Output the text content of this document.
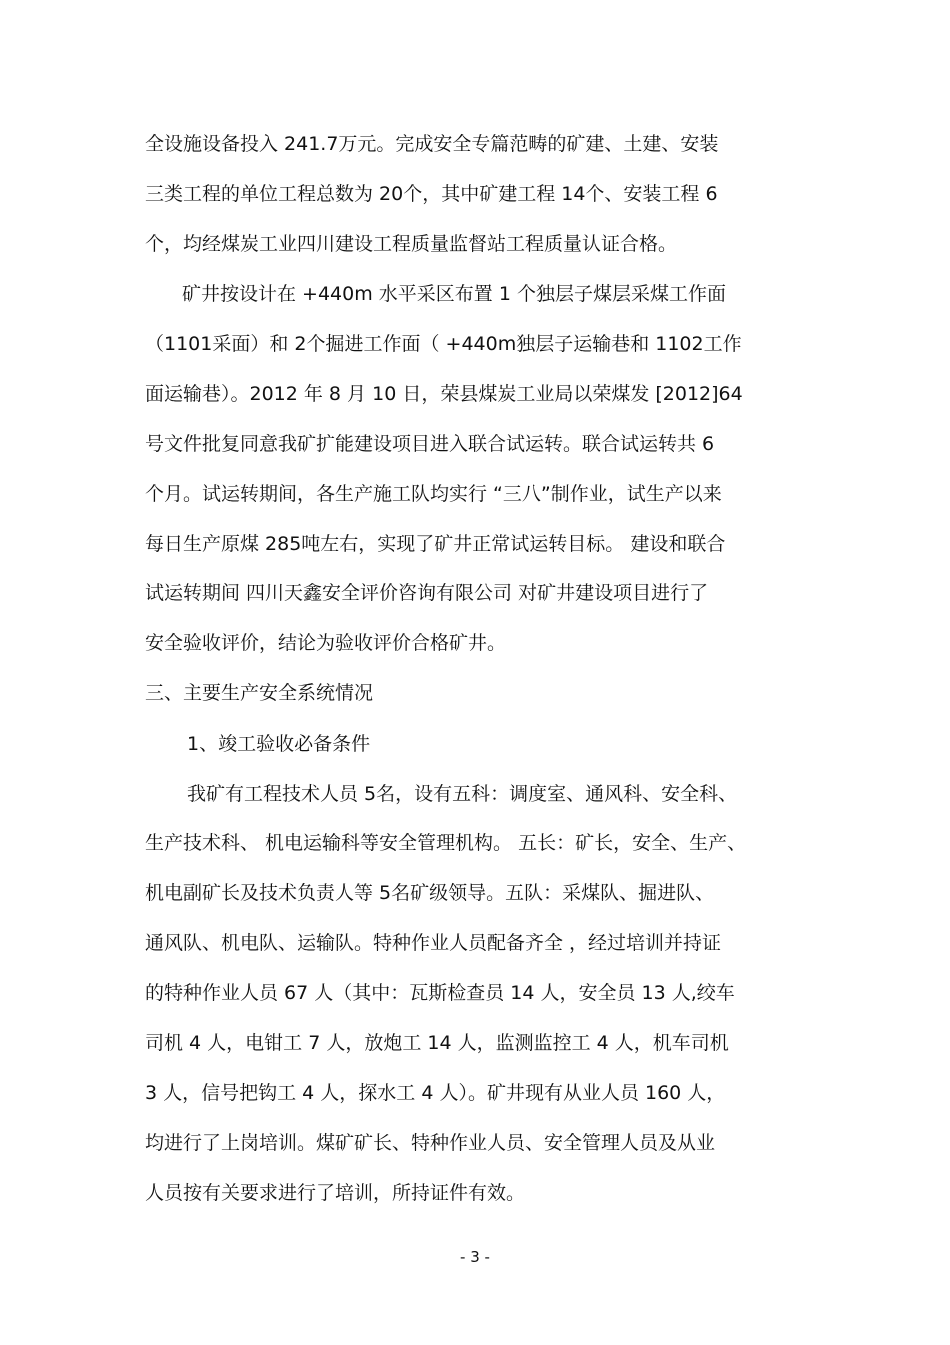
全设施设备投入 241.7万元。完成安全专篇范畴的矿建、土建、安装
三类工程的单位工程总数为 20个，其中矿建工程 14个、安装工程 6
个，均经煤炭工业四川建设工程质量监督站工程质量认证合格。
矿井按设计在 +440m 水平采区布置 1 个独层子煤层采煤工作面
（1101采面）和 2个掘进工作面（ +440m独层子运输巷和 1102工作
面运输巷）。2012 年 8 月 10 日，荣县煤炭工业局以荣煤发 [2012]64
号文件批复同意我矿扩能建设项目进入联合试运转。联合试运转共 6
个月。试运转期间，各生产施工队均实行 “三八”制作业，试生产以来
每日生产原煤 285吨左右，实现了矿井正常试运转目标。 建设和联合
试运转期间 四川天鑫安全评价咨询有限公司 对矿井建设项目进行了
安全验收评价，结论为验收评价合格矿井。
三、主要生产安全系统情况
1、竣工验收必备条件
我矿有工程技术人员 5名，设有五科：调度室、通风科、安全科、
生产技术科、 机电运输科等安全管理机构。 五长：矿长，安全、生产、
机电副矿长及技术负责人等 5名矿级领导。五队：采煤队、掘进队、
通风队、机电队、运输队。特种作业人员配备齐全 ，经过培训并持证
的特种作业人员 67 人（其中：瓦斯检查员 14 人，安全员 13 人,绞车
司机 4 人，电钳工 7 人，放炮工 14 人，监测监控工 4 人，机车司机
3 人，信号把钩工 4 人，探水工 4 人）。矿井现有从业人员 160 人，
均进行了上岗培训。煤矿矿长、特种作业人员、安全管理人员及从业
人员按有关要求进行了培训，所持证件有效。
- 3 -
